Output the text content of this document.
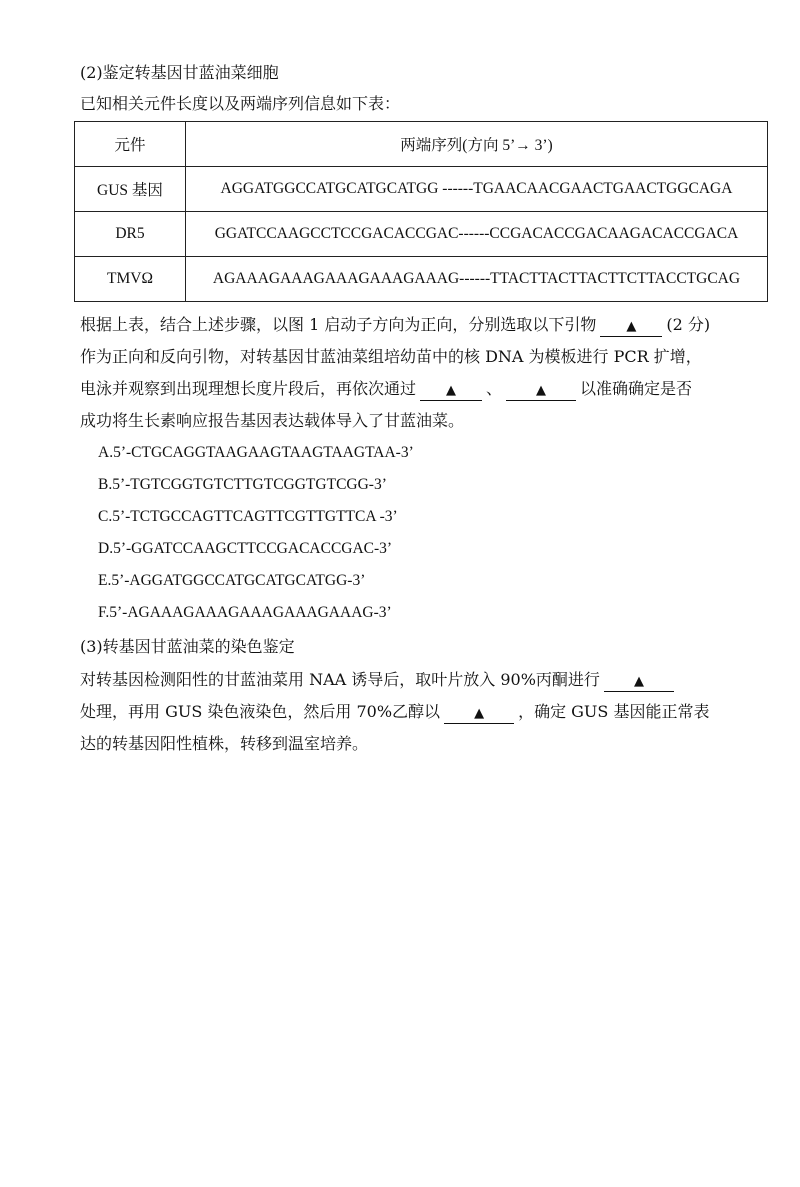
(2)鉴定转基因甘蓝油菜细胞
已知相关元件长度以及两端序列信息如下表：
元件	两端序列(方向 5’→ 3’)
GUS 基因	AGGATGGCCATGCATGCATGG ------TGAACAACGAACTGAACTGGCAGA
DR5	GGATCCAAGCCTCCGACACCGAC------CCGACACCGACAAGACACCGACA
TMVΩ	AGAAAGAAAGAAAGAAAGAAAG------TTACTTACTTACTTCTTACCTGCAG
根据上表，结合上述步骤，以图 1 启动子方向为正向，分别选取以下引物 ▲ (2 分)
作为正向和反向引物，对转基因甘蓝油菜组培幼苗中的核 DNA 为模板进行 PCR 扩增，
电泳并观察到出现理想长度片段后，再依次通过 ▲ 、	▲ 以准确确定是否
成功将生长素响应报告基因表达载体导入了甘蓝油菜。
A.5’-CTGCAGGTAAGAAGTAAGTAAGTAA-3’
B.5’-TGTCGGTGTCTTGTCGGTGTCGG-3’
C.5’-TCTGCCAGTTCAGTTCGTTGTTCA -3’
D.5’-GGATCCAAGCTTCCGACACCGAC-3’
E.5’-AGGATGGCCATGCATGCATGG-3’
F.5’-AGAAAGAAAGAAAGAAAGAAAG-3’
(3)转基因甘蓝油菜的染色鉴定
对转基因检测阳性的甘蓝油菜用 NAA 诱导后，取叶片放入 90%丙酮进行	▲
处理，再用 GUS 染色液染色，然后用 70%乙醇以	▲ ，确定 GUS 基因能正常表
达的转基因阳性植株，转移到温室培养。
